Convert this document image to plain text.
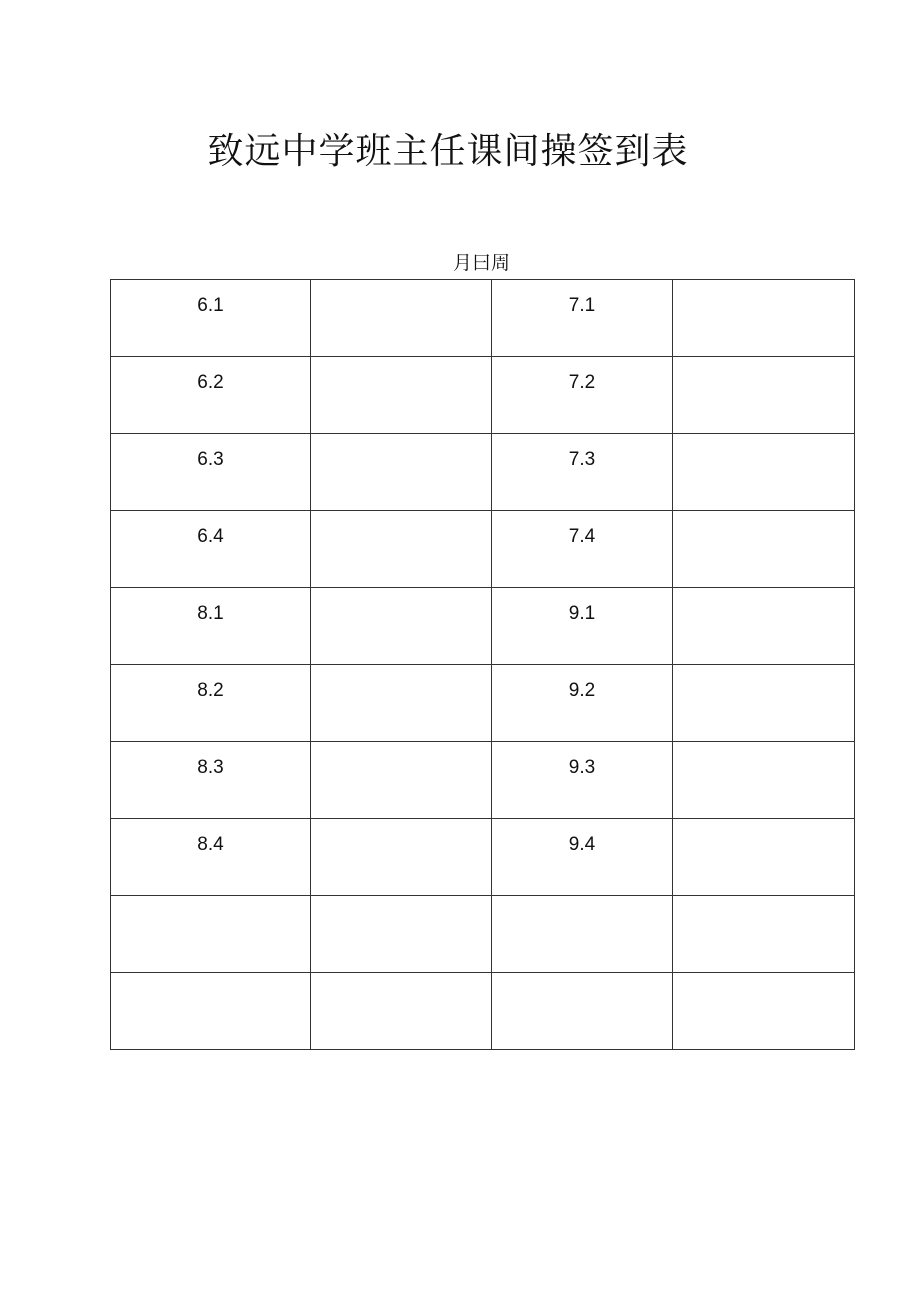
致远中学班主任课间操签到表
月曰周
6.1		7.1	

6.2		7.2	

6.3		7.3	

6.4		7.4	

8.1		9.1	

8.2		9.2	

8.3		9.3	

8.4		9.4	
